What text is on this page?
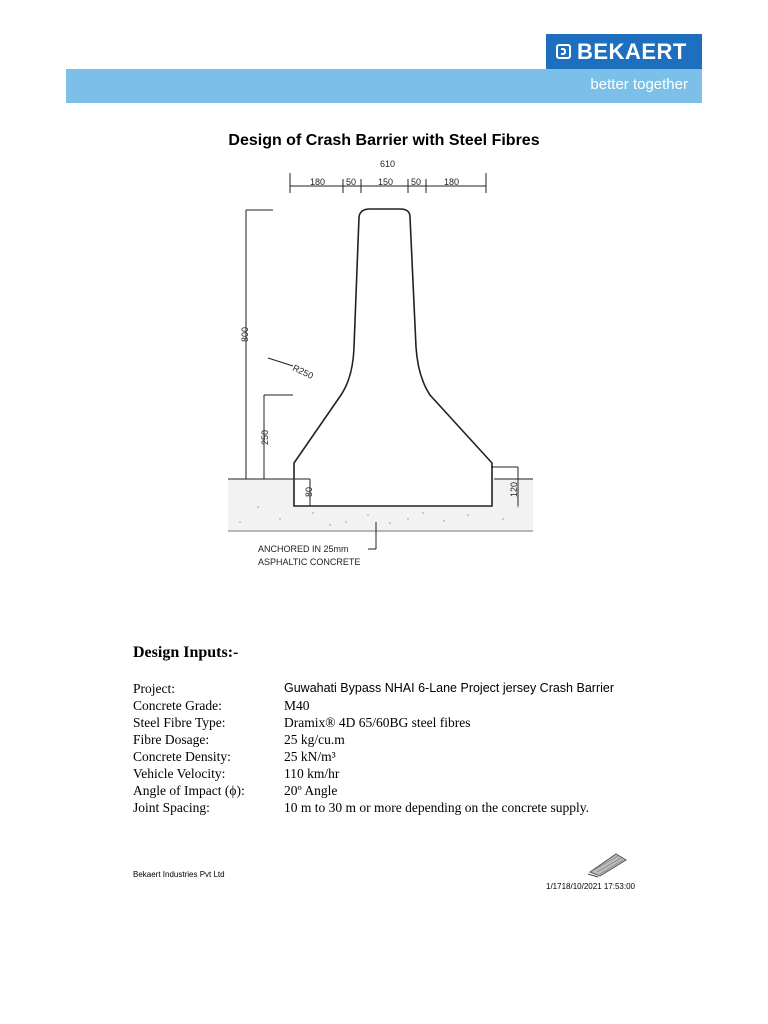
BEKAERT
better together
Design of Crash Barrier with Steel Fibres
610
180 50 150 50	180
800
250
R250
80	120
ANCHORED IN 25mm
ASPHALTIC CONCRETE
Design Inputs:-
Project:	Guwahati Bypass NHAI 6-Lane Project jersey Crash Barrier
Concrete Grade:	M40
Steel Fibre Type:	Dramix® 4D 65/60BG steel fibres
Fibre Dosage:	25 kg/cu.m
Concrete Density:	25 kN/m³
Vehicle Velocity:	110 km/hr
Angle of Impact (ϕ):	20º Angle
Joint Spacing:	10 m to 30 m or more depending on the concrete supply.
Bekaert Industries Pvt Ltd
1/1718/10/2021 17:53:00
